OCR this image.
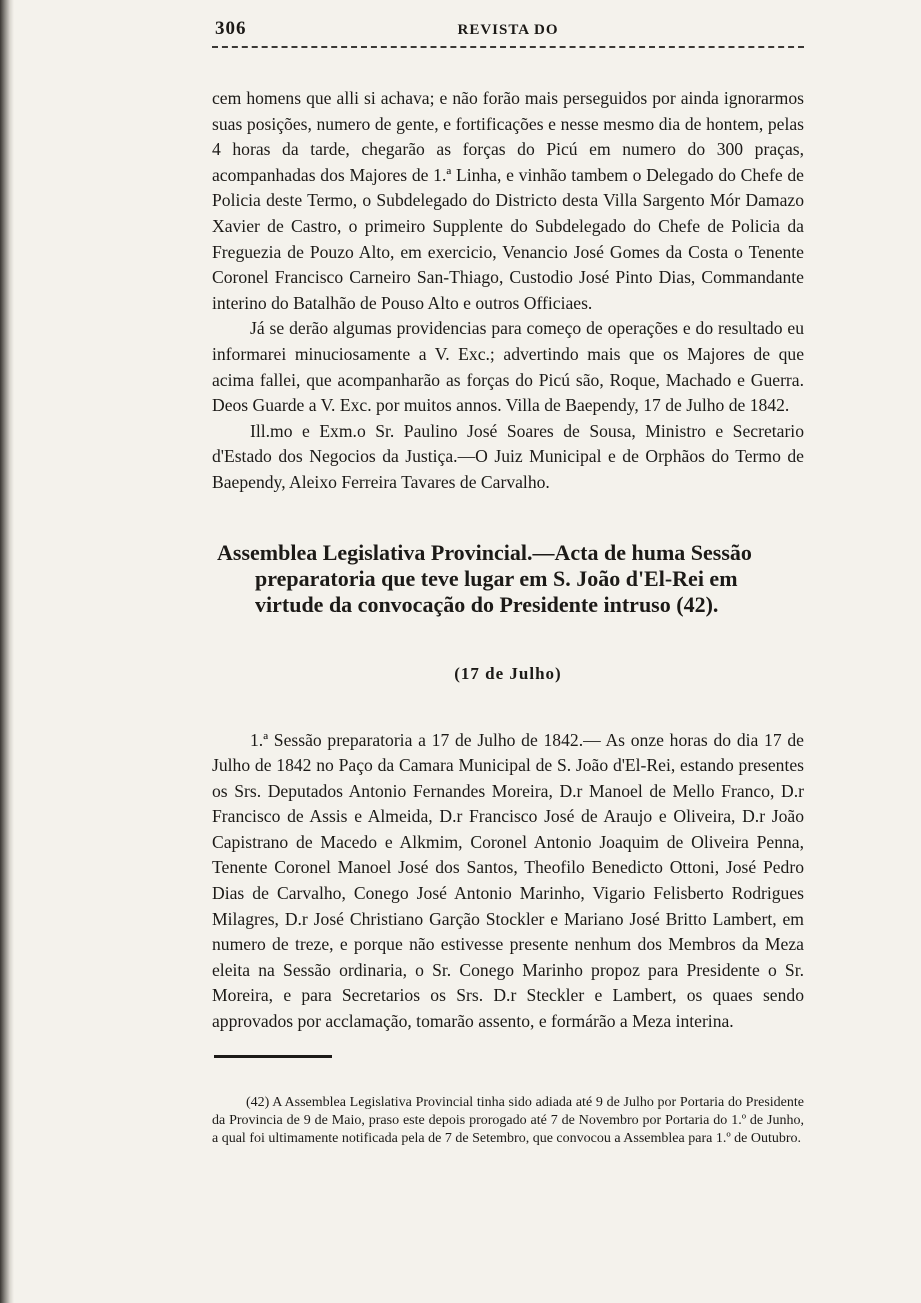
306	REVISTA DO

cem homens que alli si achava; e não forão mais perseguidos por ainda ignorarmos suas posições, numero de gente, e fortificações e nesse mesmo dia de hontem, pelas 4 horas da tarde, chegarão as forças do Picú em numero do 300 praças, acompanhadas dos Majores de 1.ª Linha, e vinhão tambem o Delegado do Chefe de Policia deste Termo, o Subdelegado do Districto desta Villa Sargento Mór Damazo Xavier de Castro, o primeiro Supplente do Subdelegado do Chefe de Policia da Freguezia de Pouzo Alto, em exercicio, Venancio José Gomes da Costa o Tenente Coronel Francisco Carneiro San-Thiago, Custodio José Pinto Dias, Commandante interino do Batalhão de Pouso Alto e outros Officiaes.

Já se derão algumas providencias para começo de operações e do resultado eu informarei minuciosamente a V. Exc.; advertindo mais que os Majores de que acima fallei, que acompanharão as forças do Picú são, Roque, Machado e Guerra. Deos Guarde a V. Exc. por muitos annos. Villa de Baependy, 17 de Julho de 1842.

Ill.mo e Exm.o Sr. Paulino José Soares de Sousa, Ministro e Secretario d'Estado dos Negocios da Justiça.—O Juiz Municipal e de Orphãos do Termo de Baependy, Aleixo Ferreira Tavares de Carvalho.

Assemblea Legislativa Provincial.—Acta de huma Sessão preparatoria que teve lugar em S. João d'El-Rei em virtude da convocação do Presidente intruso (42).
(17 de Julho)

1.ª Sessão preparatoria a 17 de Julho de 1842.— As onze horas do dia 17 de Julho de 1842 no Paço da Camara Municipal de S. João d'El-Rei, estando presentes os Srs. Deputados Antonio Fernandes Moreira, D.r Manoel de Mello Franco, D.r Francisco de Assis e Almeida, D.r Francisco José de Araujo e Oliveira, D.r João Capistrano de Macedo e Alkmim, Coronel Antonio Joaquim de Oliveira Penna, Tenente Coronel Manoel José dos Santos, Theofilo Benedicto Ottoni, José Pedro Dias de Carvalho, Conego José Antonio Marinho, Vigario Felisberto Rodrigues Milagres, D.r José Christiano Garção Stockler e Mariano José Britto Lambert, em numero de treze, e porque não estivesse presente nenhum dos Membros da Meza eleita na Sessão ordinaria, o Sr. Conego Marinho propoz para Presidente o Sr. Moreira, e para Secretarios os Srs. D.r Steckler e Lambert, os quaes sendo approvados por acclamação, tomarão assento, e formárão a Meza interina.

(42) A Assemblea Legislativa Provincial tinha sido adiada até 9 de Julho por Portaria do Presidente da Provincia de 9 de Maio, praso este depois prorogado até 7 de Novembro por Portaria do 1.º de Junho, a qual foi ultimamente notificada pela de 7 de Setembro, que convocou a Assemblea para 1.º de Outubro.
